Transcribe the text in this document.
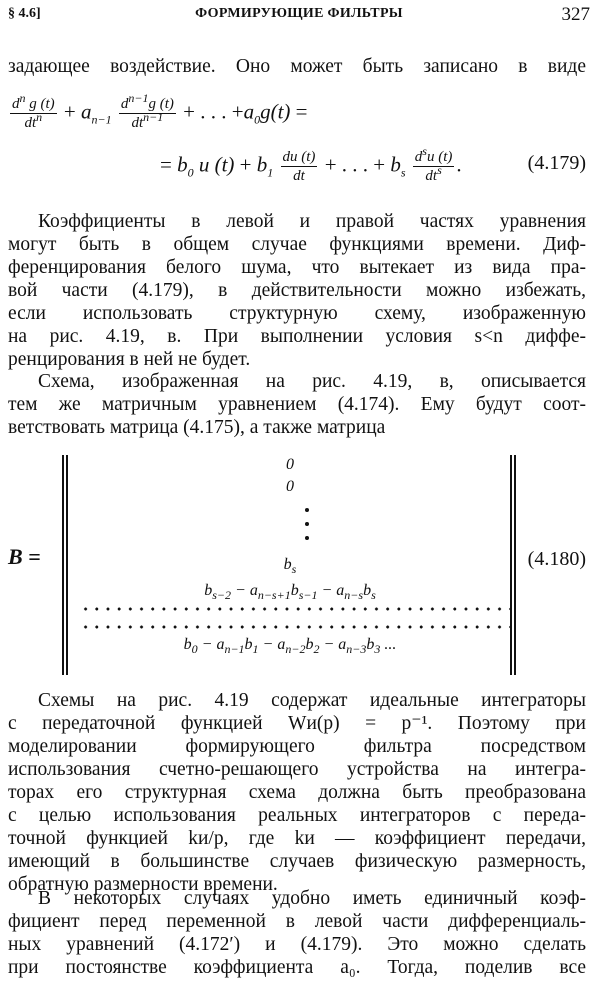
§ 4.6]	ФОРМИРУЮЩИЕ ФИЛЬТРЫ	327
задающее воздействие. Оно может быть записано в виде
$\frac{d^n g (t)}{dt^n} + a_{n-1} \frac{d^{n-1}g (t)}{dt^{n-1}}$ + . . . $+a_0g(t)$ =
= $b_0$ u $(t) + b_1 \frac{du (t)}{dt}$ + . . . + $b_s \frac{d^su (t)}{dt^s}$ .	(4.179)
Коэффициенты в левой и правой частях уравнения
могут быть в общем случае функциями времени. Диф-
ференцирования белого шума, что вытекает из вида пра-
вой части (4.179), в действительности можно избежать,
если использовать структурную схему, изображенную
на рис. 4.19, в. При выполнении условия s<n диффе-
ренцирования в ней не будет.
Схема, изображенная на рис. 4.19, в, описывается
тем же матричным уравнением (4.174). Ему будут соот-
ветствовать матрица (4.175), а также матрица
B =
0
0
$b_s$
$b_{s-2} - a_{n-s+1}b_{s-1} - a_{n-s}b_s$
$b_0 - a_{n-1}b_1 - a_{n-2}b_2 - a_{n-3}b_3$ ...
(4.180)
Схемы на рис. 4.19 содержат идеальные интеграторы
с передаточной функцией Wи(p) = p⁻¹. Поэтому при
моделировании формирующего фильтра посредством
использования счетно-решающего устройства на интегра-
торах его структурная схема должна быть преобразована
с целью использования реальных интеграторов с переда-
точной функцией kи/p, где kи — коэффициент передачи,
имеющий в большинстве случаев физическую размерность,
обратную размерности времени.
В некоторых случаях удобно иметь единичный коэф-
фициент перед переменной в левой части дифференциаль-
ных уравнений (4.172′) и (4.179). Это можно сделать
при постоянстве коэффициента a₀. Тогда, поделив все
